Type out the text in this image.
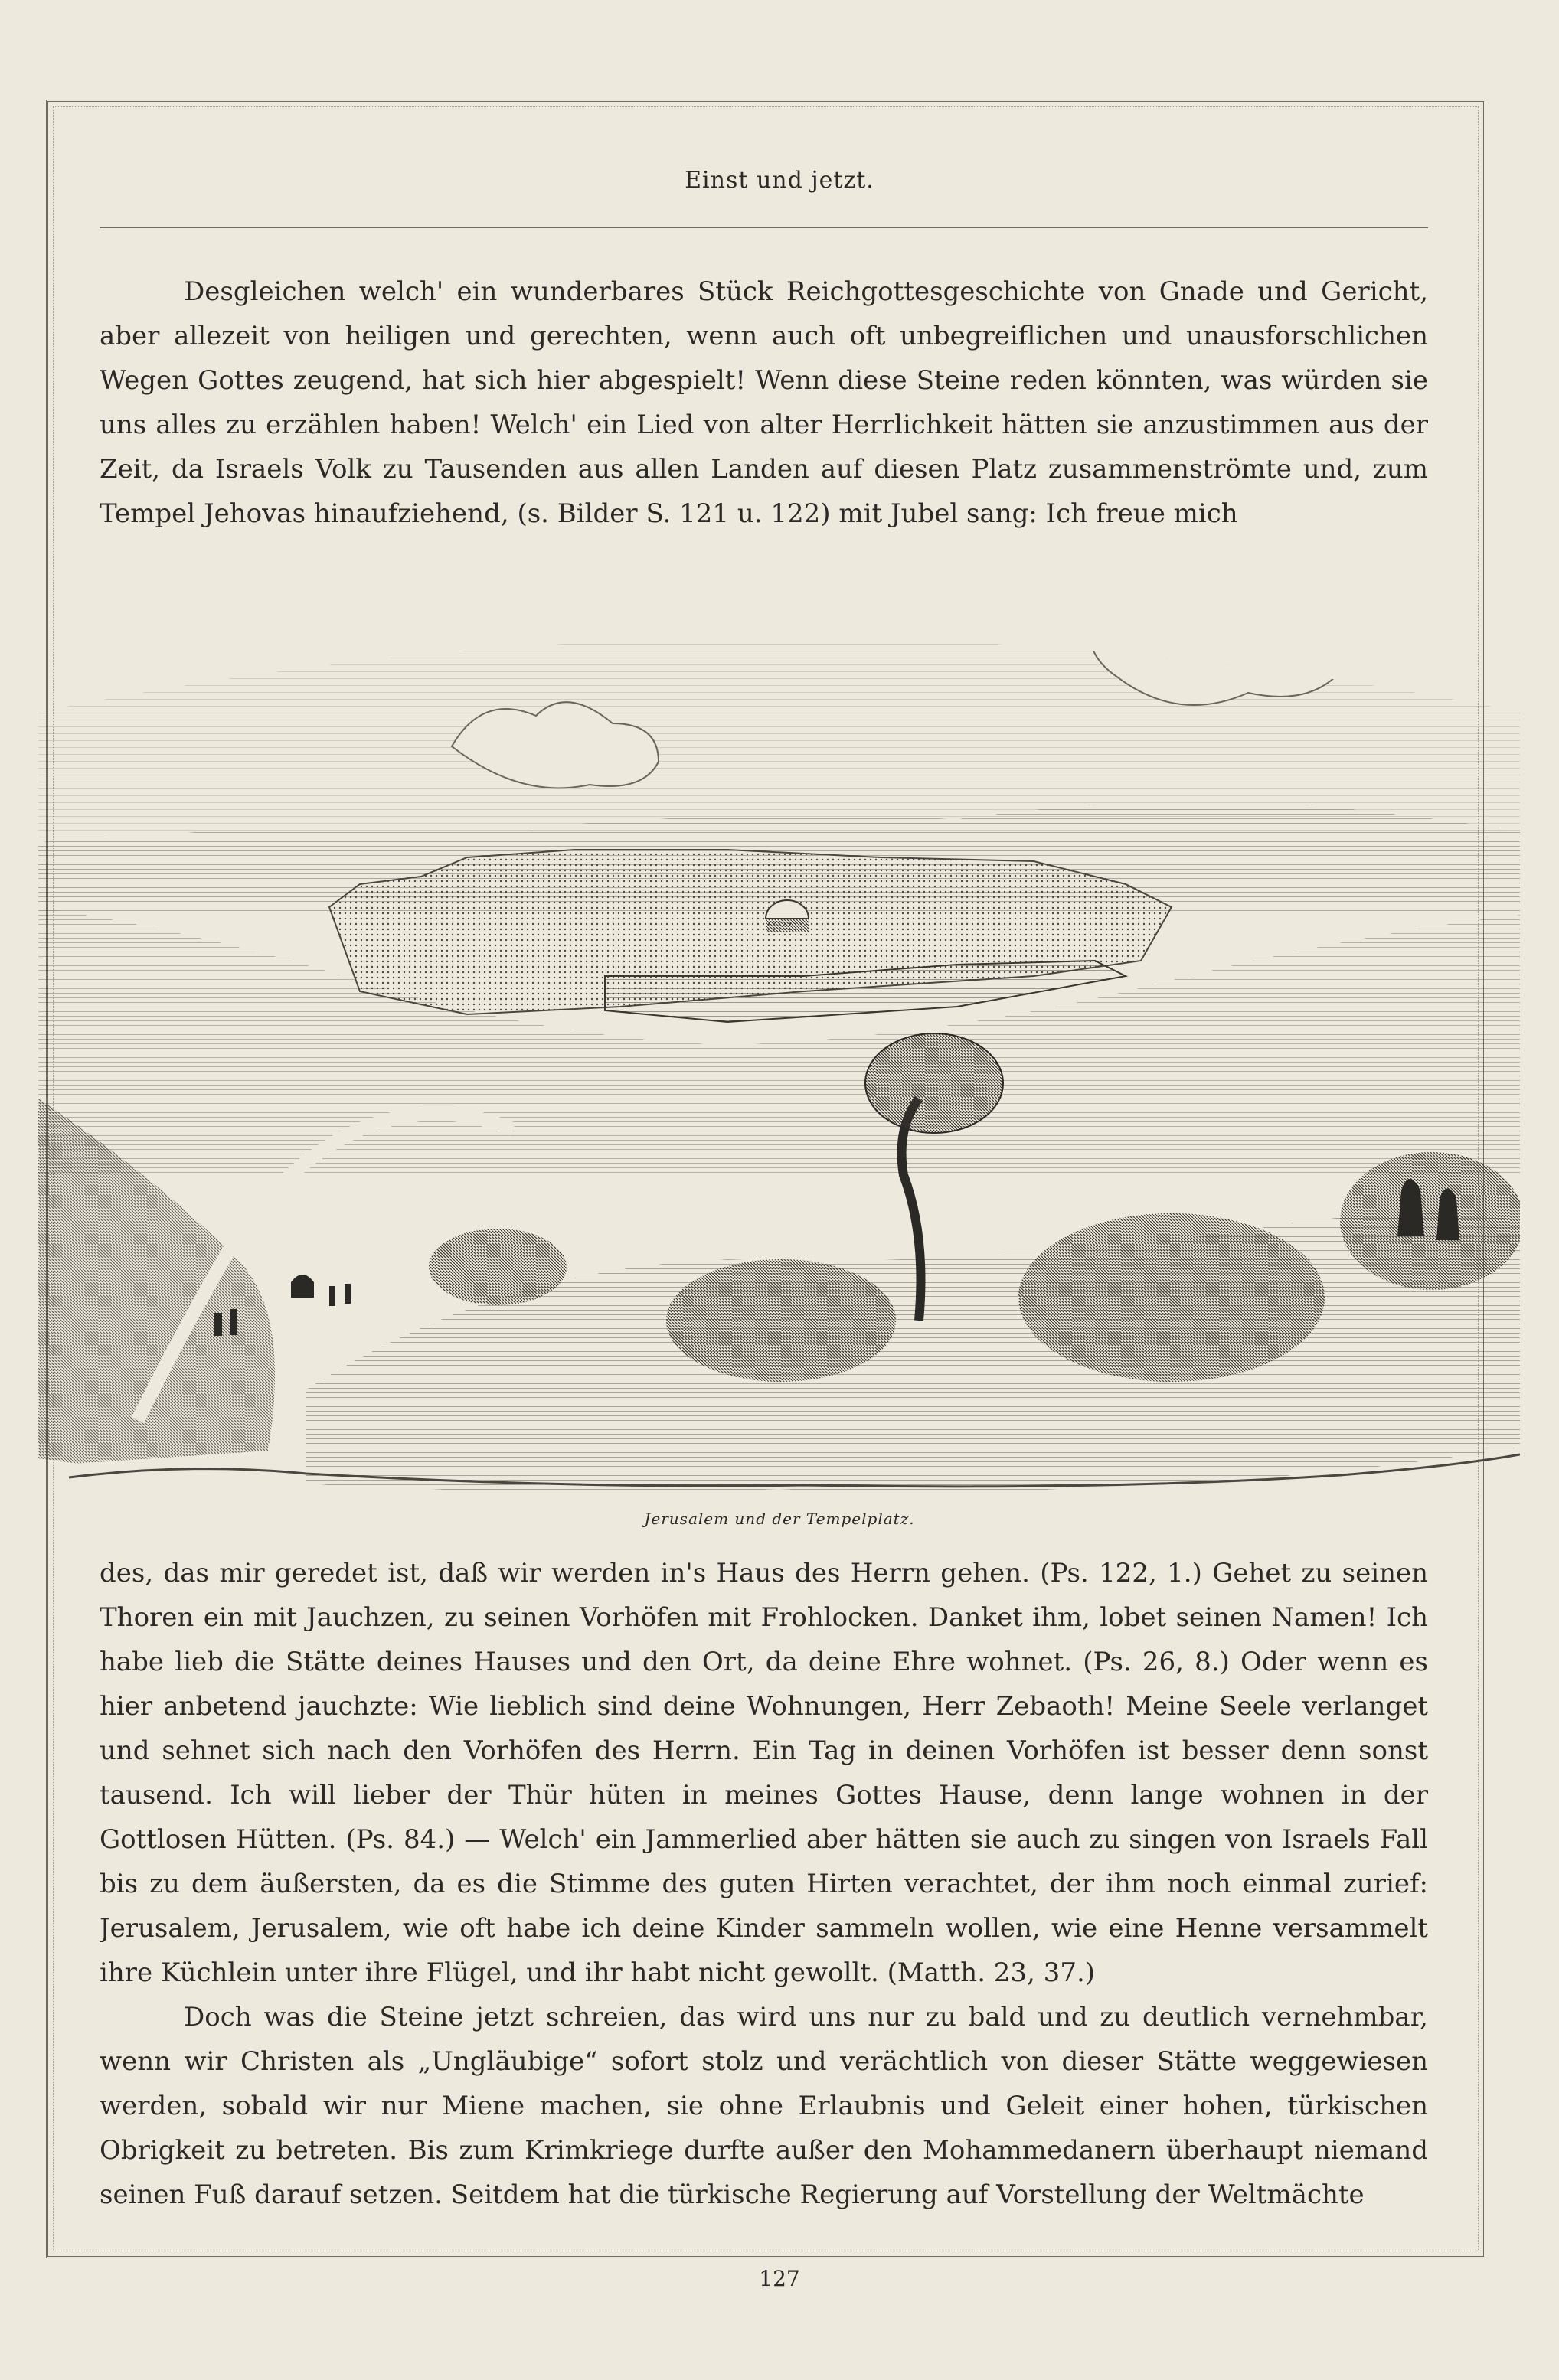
Einst und jetzt.
Desgleichen welch' ein wunderbares Stück Reichgottesgeschichte von Gnade und Gericht, aber allezeit von heiligen und gerechten, wenn auch oft unbegreiflichen und unausforschlichen Wegen Gottes zeugend, hat sich hier abgespielt! Wenn diese Steine reden könnten, was würden sie uns alles zu erzählen haben! Welch' ein Lied von alter Herrlichkeit hätten sie anzustimmen aus der Zeit, da Israels Volk zu Tausenden aus allen Landen auf diesen Platz zusammenströmte und, zum Tempel Jehovas hinaufziehend, (s. Bilder S. 121 u. 122) mit Jubel sang: Ich freue mich
Jerusalem und der Tempelplatz.
des, das mir geredet ist, daß wir werden in's Haus des Herrn gehen. (Ps. 122, 1.) Gehet zu seinen Thoren ein mit Jauchzen, zu seinen Vorhöfen mit Frohlocken. Danket ihm, lobet seinen Namen! Ich habe lieb die Stätte deines Hauses und den Ort, da deine Ehre wohnet. (Ps. 26, 8.) Oder wenn es hier anbetend jauchzte: Wie lieblich sind deine Wohnungen, Herr Zebaoth! Meine Seele verlanget und sehnet sich nach den Vorhöfen des Herrn. Ein Tag in deinen Vorhöfen ist besser denn sonst tausend. Ich will lieber der Thür hüten in meines Gottes Hause, denn lange wohnen in der Gottlosen Hütten. (Ps. 84.) — Welch' ein Jammerlied aber hätten sie auch zu singen von Israels Fall bis zu dem äußersten, da es die Stimme des guten Hirten verachtet, der ihm noch einmal zurief: Jerusalem, Jerusalem, wie oft habe ich deine Kinder sammeln wollen, wie eine Henne versammelt ihre Küchlein unter ihre Flügel, und ihr habt nicht gewollt. (Matth. 23, 37.)
Doch was die Steine jetzt schreien, das wird uns nur zu bald und zu deutlich vernehmbar, wenn wir Christen als „Ungläubige“ sofort stolz und verächtlich von dieser Stätte weggewiesen werden, sobald wir nur Miene machen, sie ohne Erlaubnis und Geleit einer hohen, türkischen Obrigkeit zu betreten. Bis zum Krimkriege durfte außer den Mohammedanern überhaupt niemand seinen Fuß darauf setzen. Seitdem hat die türkische Regierung auf Vorstellung der Weltmächte
127
